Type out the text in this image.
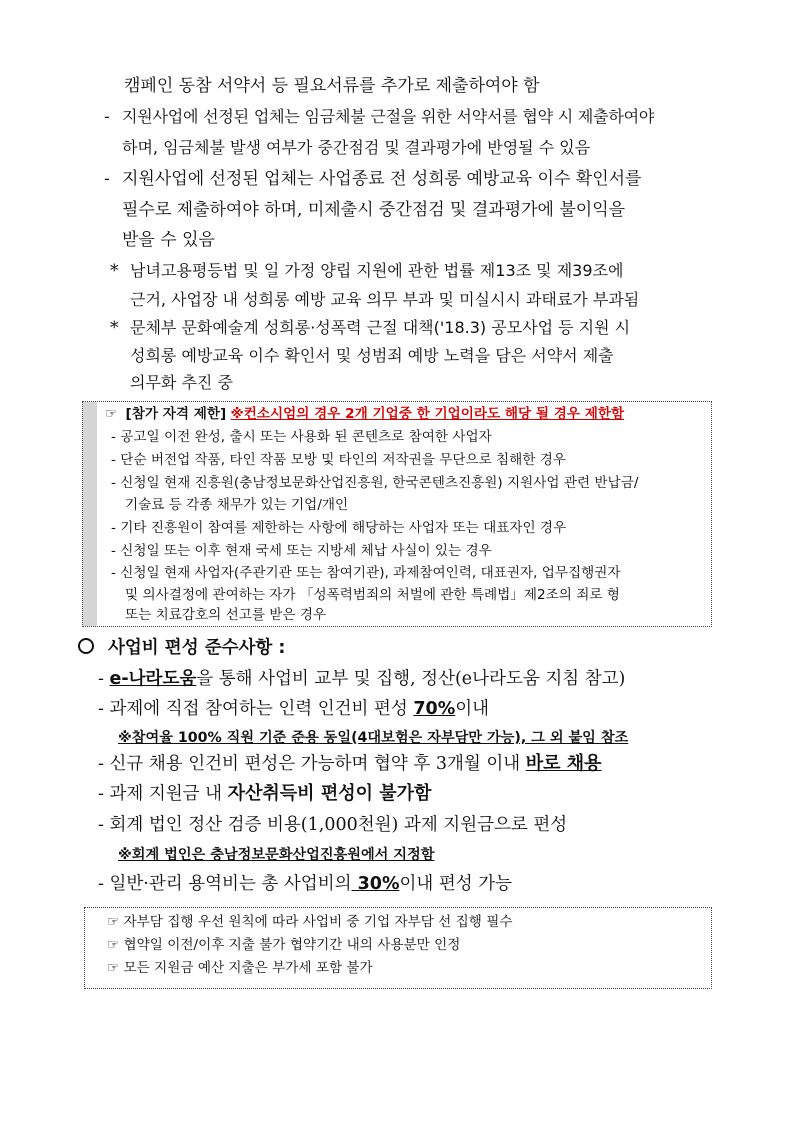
캠페인 동참 서약서 등 필요서류를 추가로 제출하여야 함
- 지원사업에 선정된 업체는 임금체불 근절을 위한 서약서를 협약 시 제출하여야
하며, 임금체불 발생 여부가 중간점검 및 결과평가에 반영될 수 있음
- 지원사업에 선정된 업체는 사업종료 전 성희롱 예방교육 이수 확인서를
필수로 제출하여야 하며, 미제출시 중간점검 및 결과평가에 불이익을
받을 수 있음
* 남녀고용평등법 및 일 가정 양립 지원에 관한 법률 제13조 및 제39조에
근거, 사업장 내 성희롱 예방 교육 의무 부과 및 미실시시 과태료가 부과됨
* 문체부 문화예술계 성희롱·성폭력 근절 대책('18.3) 공모사업 등 지원 시
성희롱 예방교육 이수 확인서 및 성범죄 예방 노력을 담은 서약서 제출
의무화 추진 중
☞ [참가 자격 제한] ※컨소시엄의 경우 2개 기업중 한 기업이라도 해당 될 경우 제한함
- 공고일 이전 완성, 출시 또는 사용화 된 콘텐츠로 참여한 사업자
- 단순 버전업 작품, 타인 작품 모방 및 타인의 저작권을 무단으로 침해한 경우
- 신청일 현재 진흥원(충남정보문화산업진흥원, 한국콘텐츠진흥원) 지원사업 관련 반납금/
기술료 등 각종 채무가 있는 기업/개인
- 기타 진흥원이 참여를 제한하는 사항에 해당하는 사업자 또는 대표자인 경우
- 신청일 또는 이후 현재 국세 또는 지방세 체납 사실이 있는 경우
- 신청일 현재 사업자(주관기관 또는 참여기관), 과제참여인력, 대표권자, 업무집행권자
및 의사결정에 관여하는 자가 「성폭력범죄의 처벌에 관한 특례법」제2조의 죄로 형
또는 치료감호의 선고를 받은 경우
사업비 편성 준수사항 :
- e-나라도움을 통해 사업비 교부 및 집행, 정산(e나라도움 지침 참고)
- 과제에 직접 참여하는 인력 인건비 편성 70%이내
※참여율 100% 직원 기준 준용 동일(4대보험은 자부담만 가능), 그 외 붙임 참조
- 신규 채용 인건비 편성은 가능하며 협약 후 3개월 이내 바로 채용
- 과제 지원금 내 자산취득비 편성이 불가함
- 회계 법인 정산 검증 비용(1,000천원) 과제 지원금으로 편성
※회계 법인은 충남정보문화산업진흥원에서 지정함
- 일반·관리 용역비는 총 사업비의 30%이내 편성 가능
☞ 자부담 집행 우선 원칙에 따라 사업비 중 기업 자부담 선 집행 필수
☞ 협약일 이전/이후 지출 불가 협약기간 내의 사용분만 인정
☞ 모든 지원금 예산 지출은 부가세 포함 불가
